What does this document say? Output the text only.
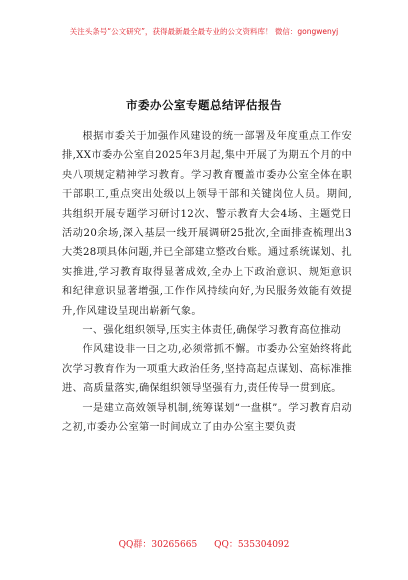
关注头条号“公文研究”，获得最新最全最专业的公文资料库！ 微信：gongwenyj
市委办公室专题总结评估报告

根据市委关于加强作风建设的统一部署及年度重点工作安排,XX市委办公室自2025年3月起,集中开展了为期五个月的中央八项规定精神学习教育。学习教育覆盖市委办公室全体在职干部职工,重点突出处级以上领导干部和关键岗位人员。期间,共组织开展专题学习研讨12次、警示教育大会4场、主题党日活动20余场,深入基层一线开展调研25批次,全面排查梳理出3大类28项具体问题,并已全部建立整改台账。通过系统谋划、扎实推进,学习教育取得显著成效,全办上下政治意识、规矩意识和纪律意识显著增强,工作作风持续向好,为民服务效能有效提升,作风建设呈现出崭新气象。

一、强化组织领导,压实主体责任,确保学习教育高位推动

作风建设非一日之功,必须常抓不懈。市委办公室始终将此次学习教育作为一项重大政治任务,坚持高起点谋划、高标准推进、高质量落实,确保组织领导坚强有力,责任传导一贯到底。

一是建立高效领导机制,统筹谋划“一盘棋”。学习教育启动之初,市委办公室第一时间成立了由办公室主要负责

QQ群：30265665 QQ：535304092
